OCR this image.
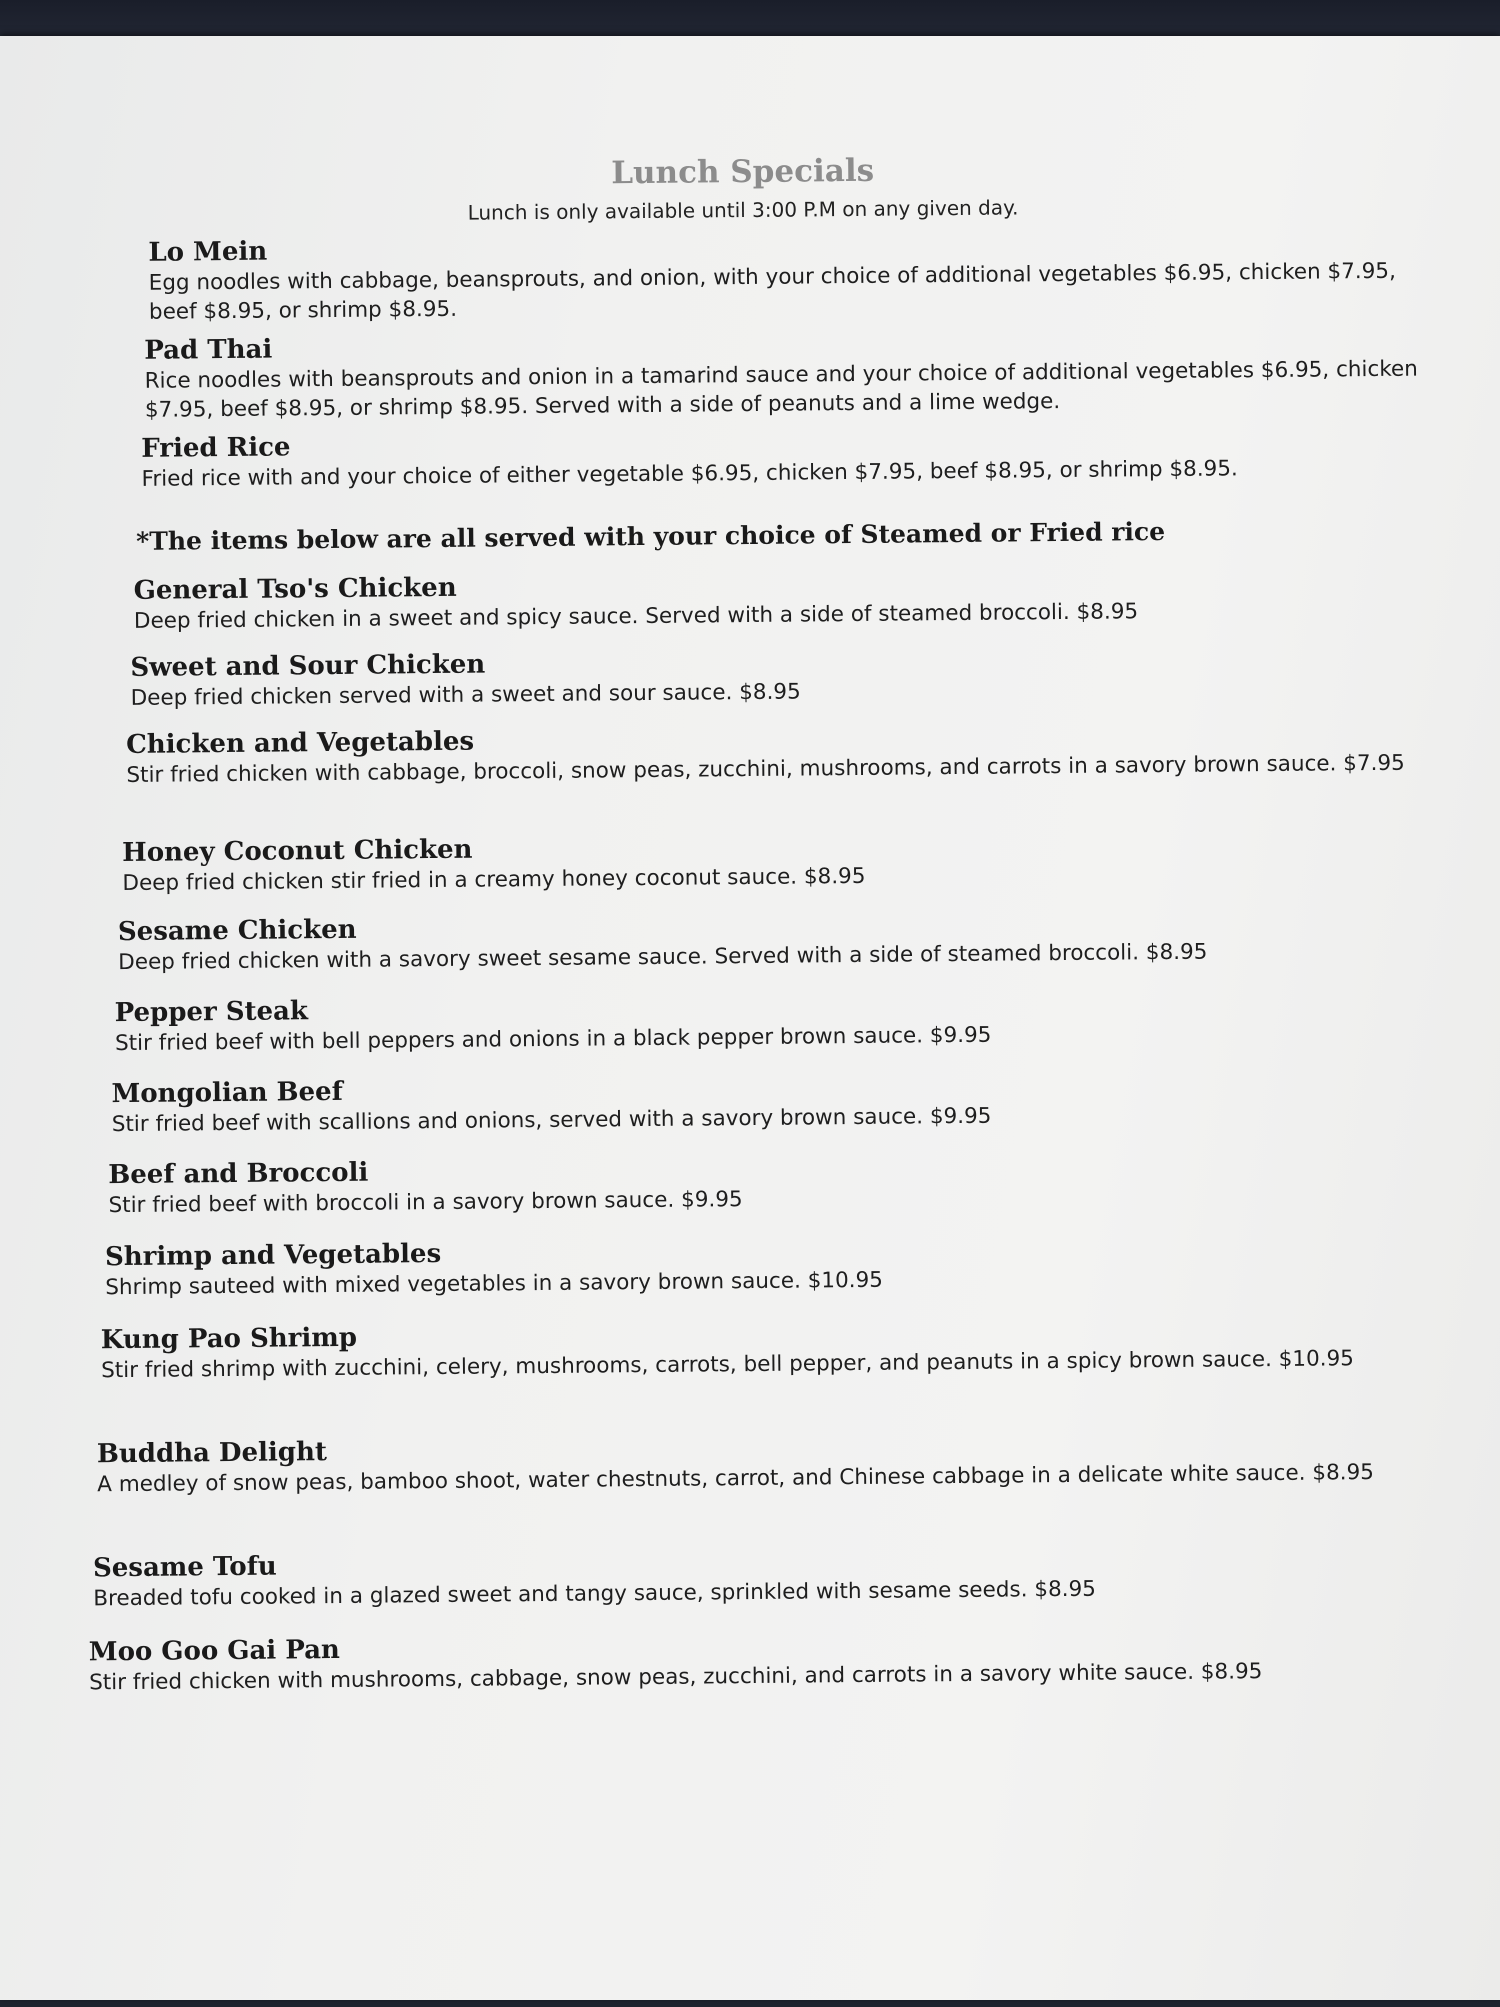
Lunch Specials

Lunch is only available until 3:00 P.M on any given day.

Lo Mein
Egg noodles with cabbage, beansprouts, and onion, with your choice of additional vegetables $6.95, chicken $7.95, beef $8.95, or shrimp $8.95.
Pad Thai
Rice noodles with beansprouts and onion in a tamarind sauce and your choice of additional vegetables $6.95, chicken $7.95, beef $8.95, or shrimp $8.95. Served with a side of peanuts and a lime wedge.
Fried Rice
Fried rice with and your choice of either vegetable $6.95, chicken $7.95, beef $8.95, or shrimp $8.95.

*The items below are all served with your choice of Steamed or Fried rice

General Tso's Chicken
Deep fried chicken in a sweet and spicy sauce. Served with a side of steamed broccoli. $8.95
Sweet and Sour Chicken
Deep fried chicken served with a sweet and sour sauce. $8.95
Chicken and Vegetables
Stir fried chicken with cabbage, broccoli, snow peas, zucchini, mushrooms, and carrots in a savory brown sauce. $7.95
Honey Coconut Chicken
Deep fried chicken stir fried in a creamy honey coconut sauce. $8.95
Sesame Chicken
Deep fried chicken with a savory sweet sesame sauce. Served with a side of steamed broccoli. $8.95
Pepper Steak
Stir fried beef with bell peppers and onions in a black pepper brown sauce. $9.95
Mongolian Beef
Stir fried beef with scallions and onions, served with a savory brown sauce. $9.95
Beef and Broccoli
Stir fried beef with broccoli in a savory brown sauce. $9.95
Shrimp and Vegetables
Shrimp sauteed with mixed vegetables in a savory brown sauce. $10.95
Kung Pao Shrimp
Stir fried shrimp with zucchini, celery, mushrooms, carrots, bell pepper, and peanuts in a spicy brown sauce. $10.95
Buddha Delight
A medley of snow peas, bamboo shoot, water chestnuts, carrot, and Chinese cabbage in a delicate white sauce. $8.95
Sesame Tofu
Breaded tofu cooked in a glazed sweet and tangy sauce, sprinkled with sesame seeds. $8.95
Moo Goo Gai Pan
Stir fried chicken with mushrooms, cabbage, snow peas, zucchini, and carrots in a savory white sauce. $8.95
